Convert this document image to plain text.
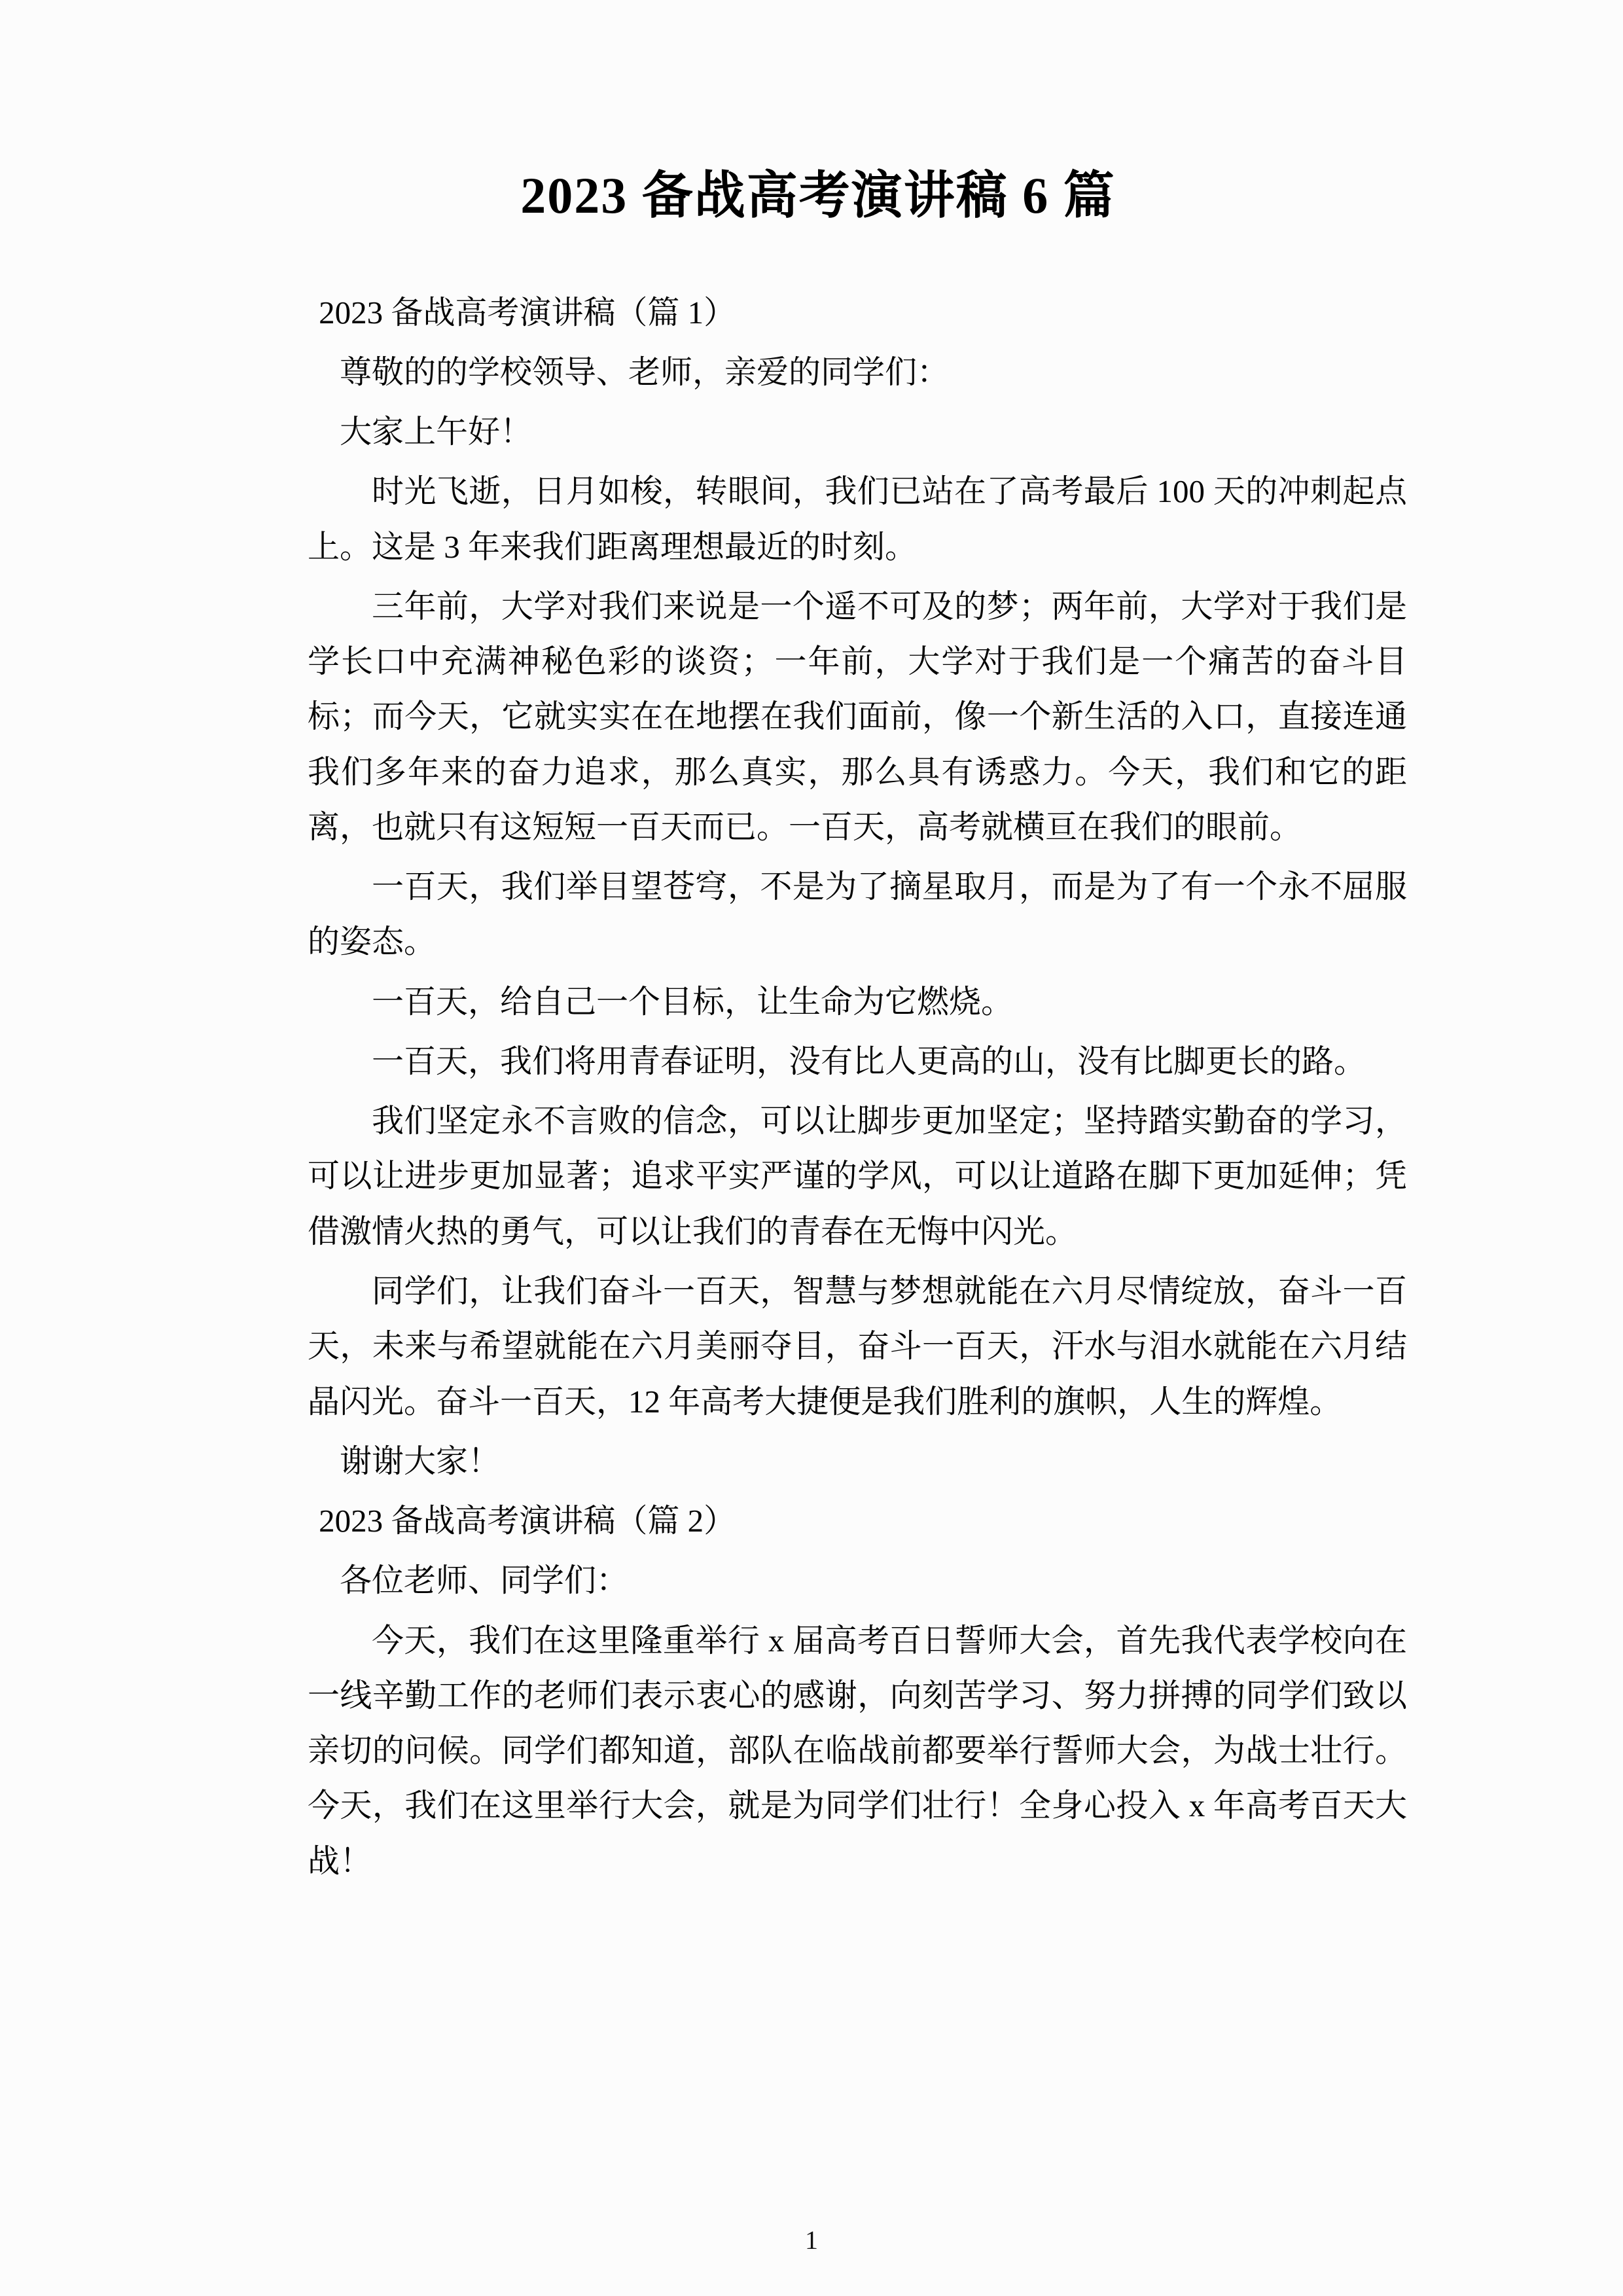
2023 备战高考演讲稿 6 篇

2023 备战高考演讲稿（篇 1）

尊敬的的学校领导、老师，亲爱的同学们：

大家上午好！

时光飞逝，日月如梭，转眼间，我们已站在了高考最后 100 天的冲刺起点上。这是 3 年来我们距离理想最近的时刻。

三年前，大学对我们来说是一个遥不可及的梦；两年前，大学对于我们是学长口中充满神秘色彩的谈资；一年前，大学对于我们是一个痛苦的奋斗目标；而今天，它就实实在在地摆在我们面前，像一个新生活的入口，直接连通我们多年来的奋力追求，那么真实，那么具有诱惑力。今天，我们和它的距离，也就只有这短短一百天而已。一百天，高考就横亘在我们的眼前。

一百天，我们举目望苍穹，不是为了摘星取月，而是为了有一个永不屈服的姿态。

一百天，给自己一个目标，让生命为它燃烧。

一百天，我们将用青春证明，没有比人更高的山，没有比脚更长的路。

我们坚定永不言败的信念，可以让脚步更加坚定；坚持踏实勤奋的学习，可以让进步更加显著；追求平实严谨的学风，可以让道路在脚下更加延伸；凭借激情火热的勇气，可以让我们的青春在无悔中闪光。

同学们，让我们奋斗一百天，智慧与梦想就能在六月尽情绽放，奋斗一百天，未来与希望就能在六月美丽夺目，奋斗一百天，汗水与泪水就能在六月结晶闪光。奋斗一百天，12 年高考大捷便是我们胜利的旗帜，人生的辉煌。

谢谢大家！

2023 备战高考演讲稿（篇 2）

各位老师、同学们：

今天，我们在这里隆重举行 x 届高考百日誓师大会，首先我代表学校向在一线辛勤工作的老师们表示衷心的感谢，向刻苦学习、努力拼搏的同学们致以亲切的问候。同学们都知道，部队在临战前都要举行誓师大会，为战士壮行。今天，我们在这里举行大会，就是为同学们壮行！全身心投入 x 年高考百天大战！

1
